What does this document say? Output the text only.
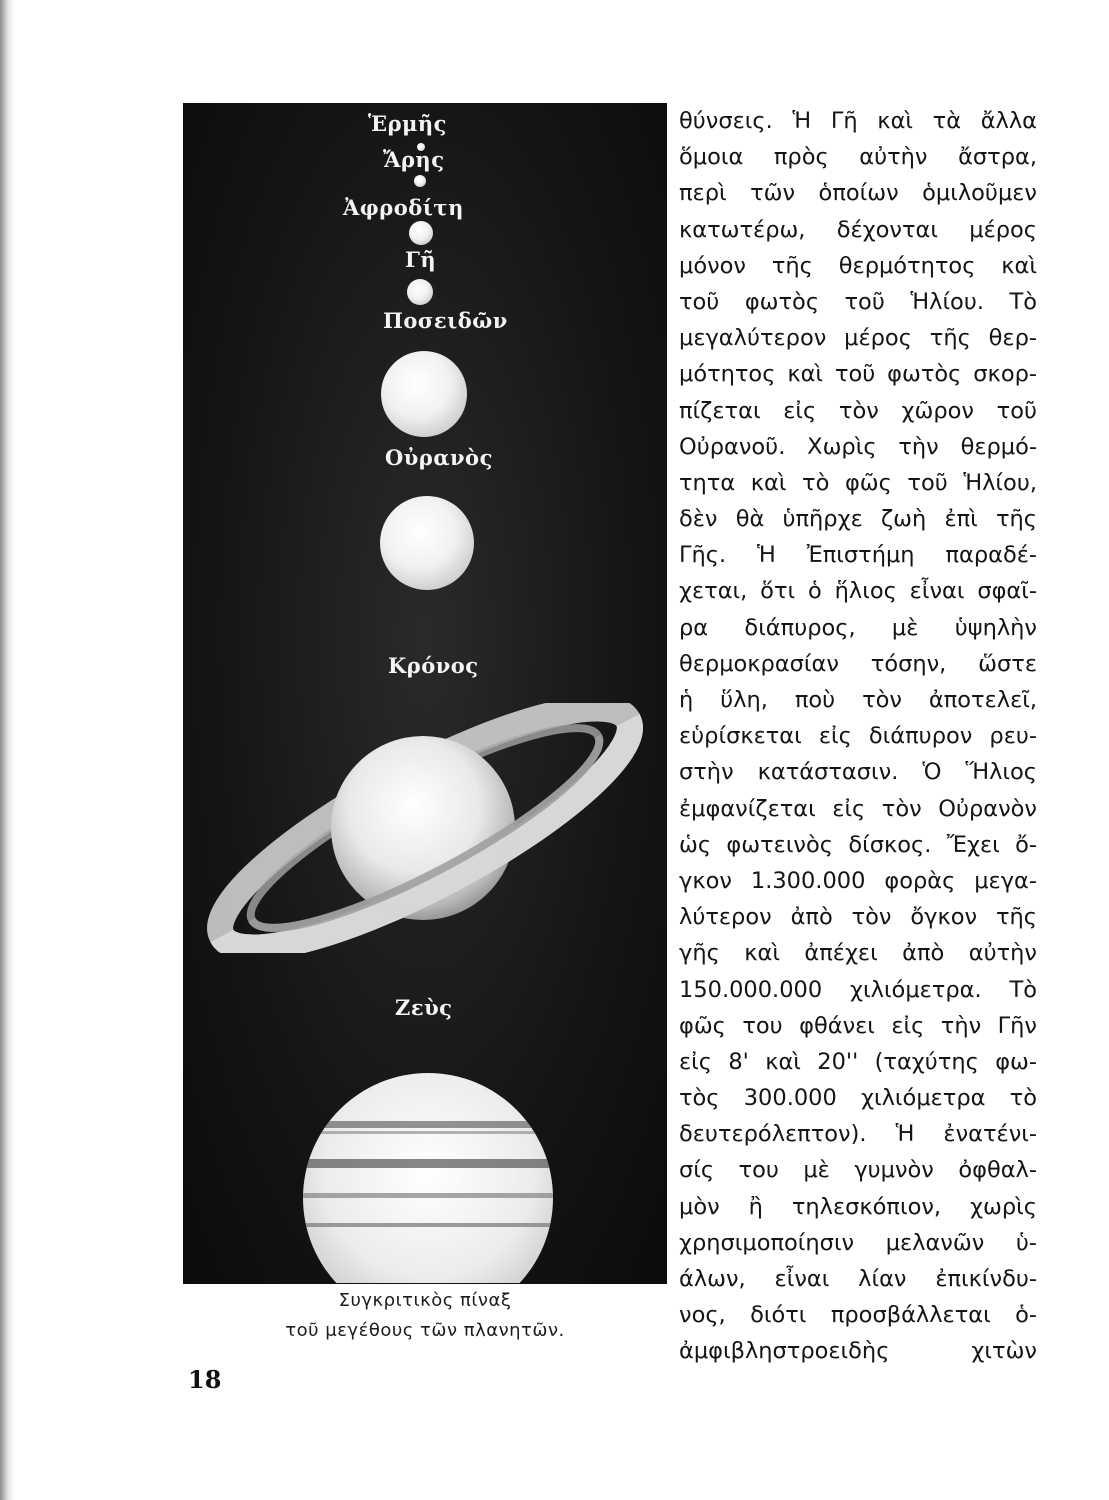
Ἑρμῆς
Ἄρης
Ἀφροδίτη
Γῆ
Ποσειδῶν
Οὐρανὸς
Κρόνος
Ζεὺς
Συγκριτικὸς πίναξ
τοῦ μεγέθους τῶν πλανητῶν.
18
θύνσεις. Ἡ Γῆ καὶ τὰ ἄλλα
ὅμοια πρὸς αὐτὴν ἄστρα,
περὶ τῶν ὁποίων ὁμιλοῦμεν
κατωτέρω, δέχονται μέρος
μόνον τῆς θερμότητος καὶ
τοῦ φωτὸς τοῦ Ἡλίου. Τὸ
μεγαλύτερον μέρος τῆς θερ-
μότητος καὶ τοῦ φωτὸς σκορ-
πίζεται εἰς τὸν χῶρον τοῦ
Οὐρανοῦ. Χωρὶς τὴν θερμό-
τητα καὶ τὸ φῶς τοῦ Ἡλίου,
δὲν θὰ ὑπῆρχε ζωὴ ἐπὶ τῆς
Γῆς. Ἡ Ἐπιστήμη παραδέ-
χεται, ὅτι ὁ ἥλιος εἶναι σφαῖ-
ρα διάπυρος, μὲ ὑψηλὴν
θερμοκρασίαν τόσην, ὥστε
ἡ ὕλη, ποὺ τὸν ἀποτελεῖ,
εὑρίσκεται εἰς διάπυρον ρευ-
στὴν κατάστασιν. Ὁ Ἥλιος
ἐμφανίζεται εἰς τὸν Οὐρανὸν
ὡς φωτεινὸς δίσκος. Ἔχει ὄ-
γκον 1.300.000 φορὰς μεγα-
λύτερον ἀπὸ τὸν ὄγκον τῆς
γῆς καὶ ἀπέχει ἀπὸ αὐτὴν
150.000.000 χιλιόμετρα. Τὸ
φῶς του φθάνει εἰς τὴν Γῆν
εἰς 8' καὶ 20'' (ταχύτης φω-
τὸς 300.000 χιλιόμετρα τὸ
δευτερόλεπτον). Ἡ ἐνατένι-
σίς του μὲ γυμνὸν ὀφθαλ-
μὸν ἢ τηλεσκόπιον, χωρὶς
χρησιμοποίησιν μελανῶν ὑ-
άλων, εἶναι λίαν ἐπικίνδυ-
νος, διότι προσβάλλεται ὁ-
ἀμφιβληστροειδὴς χιτὼν
